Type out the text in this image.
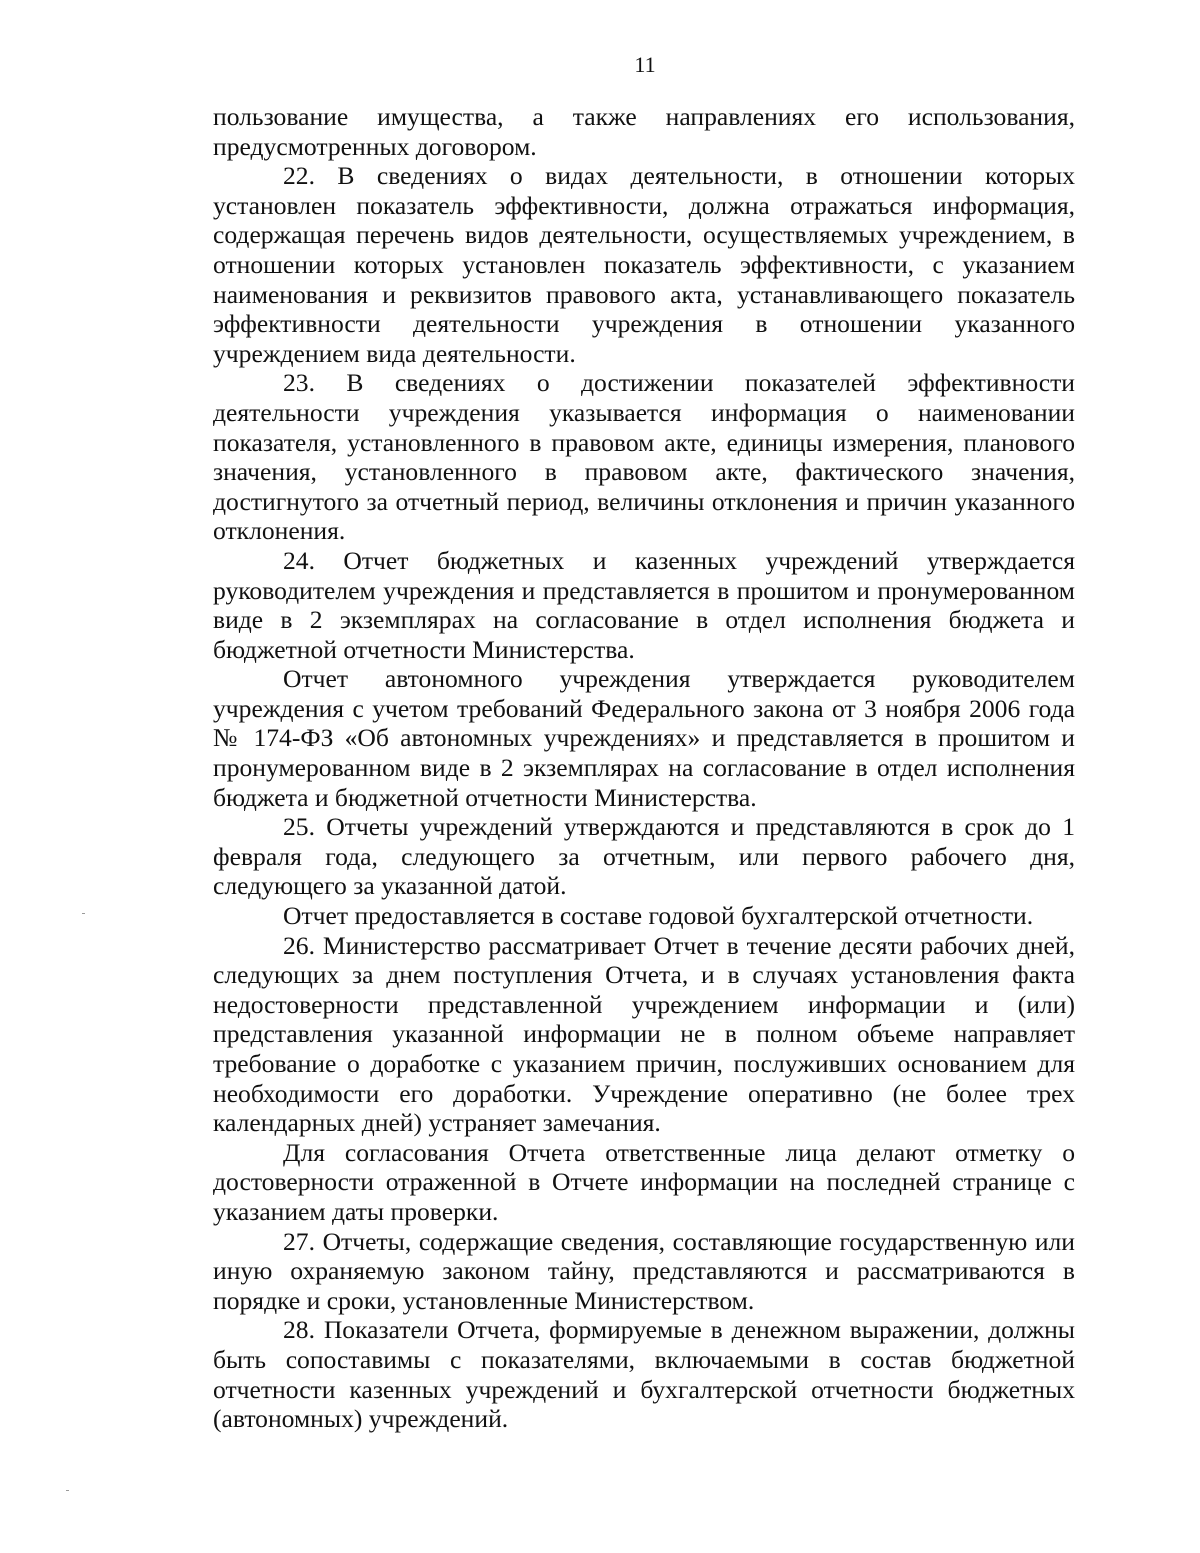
11

пользование имущества, а также направлениях его использования, предусмотренных договором.

22. В сведениях о видах деятельности, в отношении которых установлен показатель эффективности, должна отражаться информация, содержащая перечень видов деятельности, осуществляемых учреждением, в отношении которых установлен показатель эффективности, с указанием наименования и реквизитов правового акта, устанавливающего показатель эффективности деятельности учреждения в отношении указанного учреждением вида деятельности.

23. В сведениях о достижении показателей эффективности деятельности учреждения указывается информация о наименовании показателя, установленного в правовом акте, единицы измерения, планового значения, установленного в правовом акте, фактического значения, достигнутого за отчетный период, величины отклонения и причин указанного отклонения.

24. Отчет бюджетных и казенных учреждений утверждается руководителем учреждения и представляется в прошитом и пронумерованном виде в 2 экземплярах на согласование в отдел исполнения бюджета и бюджетной отчетности Министерства.

Отчет автономного учреждения утверждается руководителем учреждения с учетом требований Федерального закона от 3 ноября 2006 года № 174-ФЗ «Об автономных учреждениях» и представляется в прошитом и пронумерованном виде в 2 экземплярах на согласование в отдел исполнения бюджета и бюджетной отчетности Министерства.

25. Отчеты учреждений утверждаются и представляются в срок до 1 февраля года, следующего за отчетным, или первого рабочего дня, следующего за указанной датой.

Отчет предоставляется в составе годовой бухгалтерской отчетности.

26. Министерство рассматривает Отчет в течение десяти рабочих дней, следующих за днем поступления Отчета, и в случаях установления факта недостоверности представленной учреждением информации и (или) представления указанной информации не в полном объеме направляет требование о доработке с указанием причин, послуживших основанием для необходимости его доработки. Учреждение оперативно (не более трех календарных дней) устраняет замечания.

Для согласования Отчета ответственные лица делают отметку о достоверности отраженной в Отчете информации на последней странице с указанием даты проверки.

27. Отчеты, содержащие сведения, составляющие государственную или иную охраняемую законом тайну, представляются и рассматриваются в порядке и сроки, установленные Министерством.

28. Показатели Отчета, формируемые в денежном выражении, должны быть сопоставимы с показателями, включаемыми в состав бюджетной отчетности казенных учреждений и бухгалтерской отчетности бюджетных (автономных) учреждений.
